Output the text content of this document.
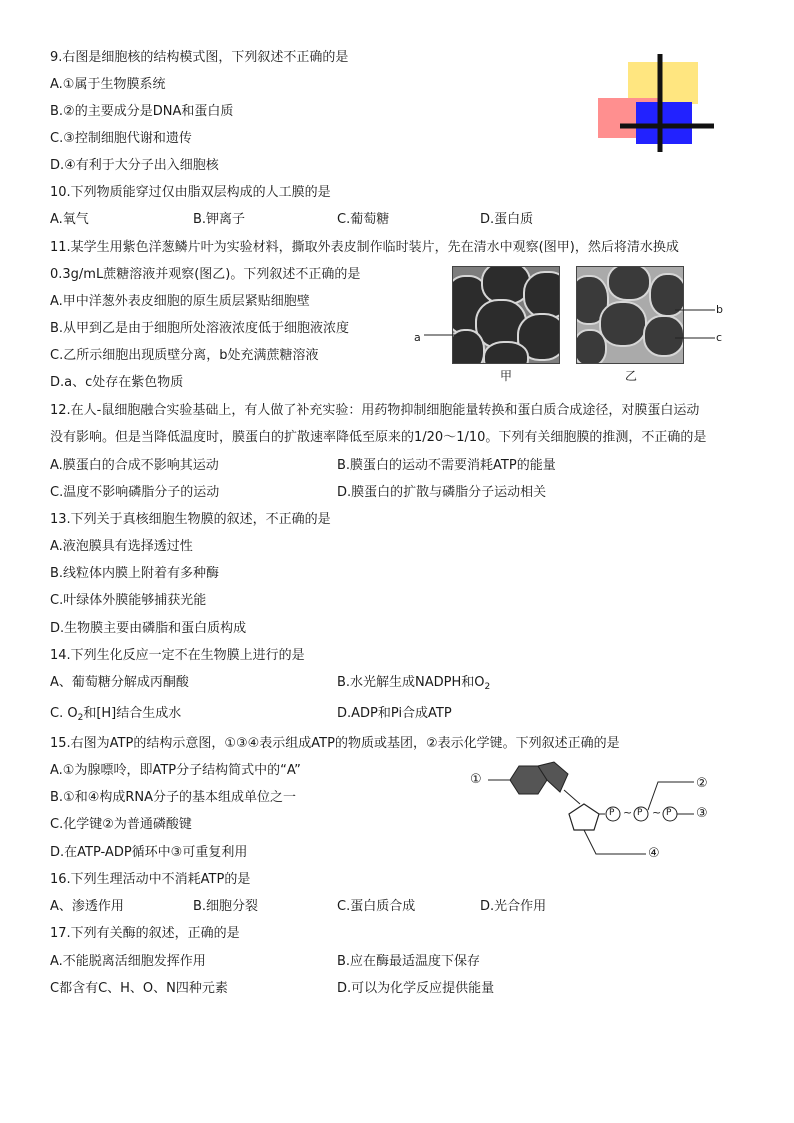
9.右图是细胞核的结构模式图，下列叙述不正确的是
A.①属于生物膜系统
B.②的主要成分是DNA和蛋白质
C.③控制细胞代谢和遗传
D.④有利于大分子出入细胞核
10.下列物质能穿过仅由脂双层构成的人工膜的是
A.氧气	B.钾离子	C.葡萄糖	D.蛋白质
11.某学生用紫色洋葱鳞片叶为实验材料，撕取外表皮制作临时装片，先在清水中观察(图甲)，然后将清水换成
0.3g/mL蔗糖溶液并观察(图乙)。下列叙述不正确的是
A.甲中洋葱外表皮细胞的原生质层紧贴细胞壁
B.从甲到乙是由于细胞所处溶液浓度低于细胞液浓度
C.乙所示细胞出现质壁分离，b处充满蔗糖溶液
D.a、c处存在紫色物质
a
甲
b
c
乙
12.在人-鼠细胞融合实验基础上，有人做了补充实验：用药物抑制细胞能量转换和蛋白质合成途径，对膜蛋白运动
没有影响。但是当降低温度时，膜蛋白的扩散速率降低至原来的1/20～1/10。下列有关细胞膜的推测，不正确的是
A.膜蛋白的合成不影响其运动	B.膜蛋白的运动不需要消耗ATP的能量
C.温度不影响磷脂分子的运动	D.膜蛋白的扩散与磷脂分子运动相关
13.下列关于真核细胞生物膜的叙述，不正确的是
A.液泡膜具有选择透过性
B.线粒体内膜上附着有多种酶
C.叶绿体外膜能够捕获光能
D.生物膜主要由磷脂和蛋白质构成
14.下列生化反应一定不在生物膜上进行的是
A、葡萄糖分解成丙酮酸	B.水光解生成NADPH和$O_2$
C. $O_2$和[H]结合生成水	D.ADP和Pi合成ATP
15.右图为ATP的结构示意图，①③④表示组成ATP的物质或基团，②表示化学键。下列叙述正确的是
A.①为腺嘌呤，即ATP分子结构简式中的“A”
B.①和④构成RNA分子的基本组成单位之一
C.化学键②为普通磷酸键
D.在ATP-ADP循环中③可重复利用
①
P ~ P ~ P
②
③
④
16.下列生理活动中不消耗ATP的是
A、渗透作用	B.细胞分裂	C.蛋白质合成	D.光合作用
17.下列有关酶的叙述，正确的是
A.不能脱离活细胞发挥作用	B.应在酶最适温度下保存
C都含有C、H、O、N四种元素	D.可以为化学反应提供能量
